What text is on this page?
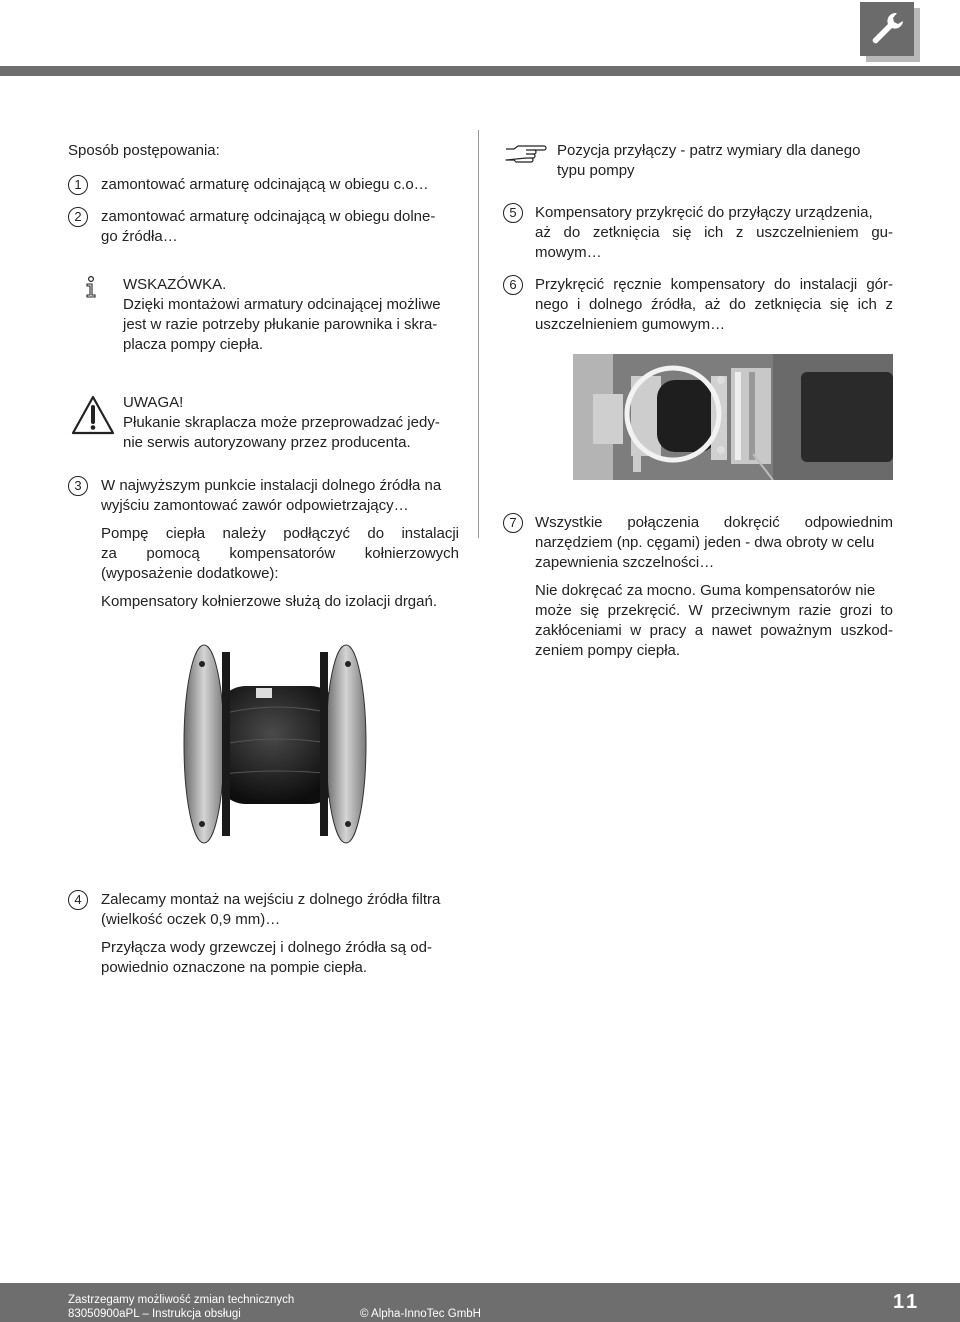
Sposób postępowania:
1	zamontować armaturę odcinającą w obiegu c.o…
2	zamontować armaturę odcinającą w obiegu dolne-
go źródła…
WSKAZÓWKA.
Dzięki montażowi armatury odcinającej możliwe
jest w razie potrzeby płukanie parownika i skra-
placza pompy ciepła.
UWAGA!
Płukanie skraplacza może przeprowadzać jedy-
nie serwis autoryzowany przez producenta.
3	W najwyższym punkcie instalacji dolnego źródła na
wyjściu zamontować zawór odpowietrzający…
Pompę ciepła należy podłączyć do instalacji
za pomocą kompensatorów kołnierzowych
(wyposażenie dodatkowe):
Kompensatory kołnierzowe służą do izolacji drgań.
4	Zalecamy montaż na wejściu z dolnego źródła filtra
(wielkość oczek 0,9 mm)…
Przyłącza wody grzewczej i dolnego źródła są od-
powiednio oznaczone na pompie ciepła.
Pozycja przyłączy - patrz wymiary dla danego
typu pompy
5	Kompensatory przykręcić do przyłączy urządzenia,
aż do zetknięcia się ich z uszczelnieniem gu-
mowym…
6	Przykręcić ręcznie kompensatory do instalacji gór-
nego i dolnego źródła, aż do zetknięcia się ich z
uszczelnieniem gumowym…
7	Wszystkie połączenia dokręcić odpowiednim
narzędziem (np. cęgami) jeden - dwa obroty w celu
zapewnienia szczelności…
Nie dokręcać za mocno. Guma kompensatorów nie
może się przekręcić. W przeciwnym razie grozi to
zakłóceniami w pracy a nawet poważnym uszkod-
zeniem pompy ciepła.
Zastrzegamy możliwość zmian technicznych
83050900aPL – Instrukcja obsługi	© Alpha-InnoTec GmbH
11
